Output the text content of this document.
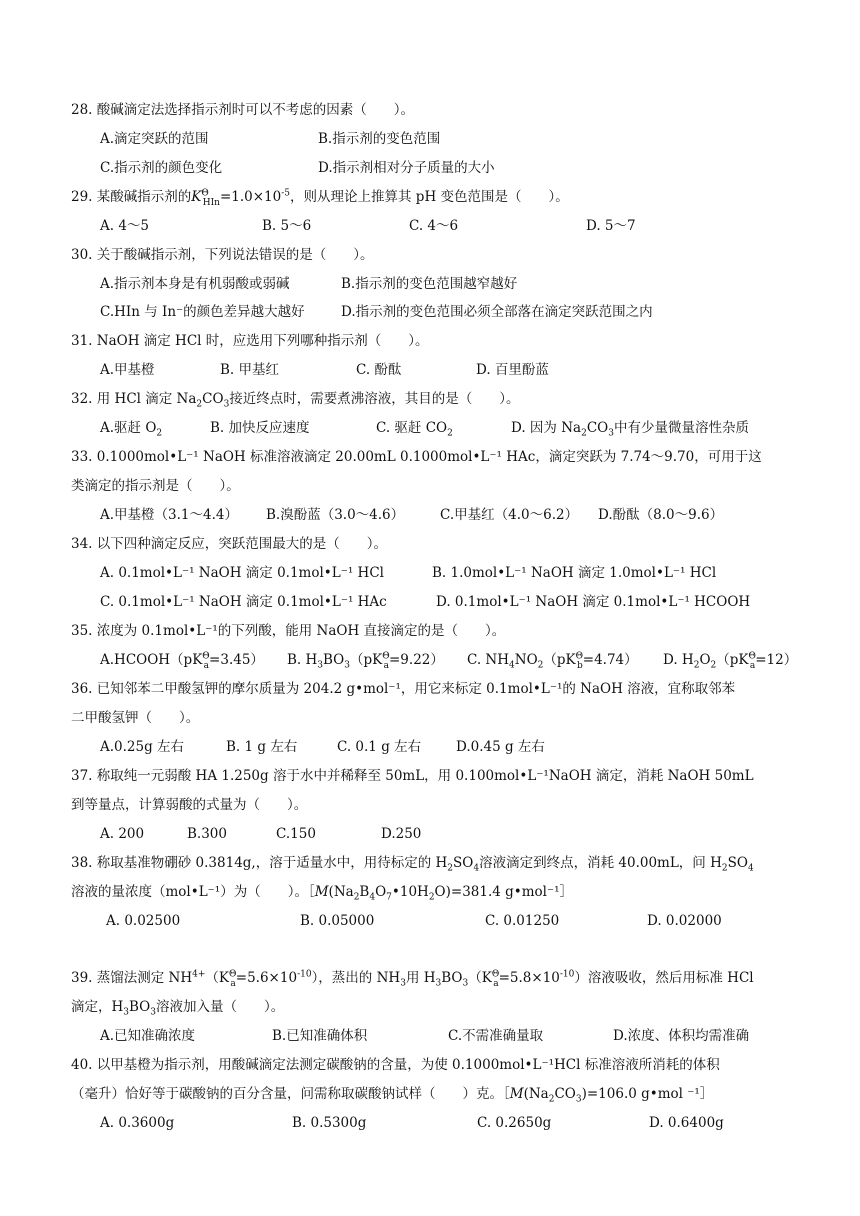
28. 酸碱滴定法选择指示剂时可以不考虑的因素（　　）。
A.滴定突跃的范围	B.指示剂的变色范围
C.指示剂的颜色变化	D.指示剂相对分子质量的大小
29. 某酸碱指示剂的$K^\Theta_{HIn}=1.0\times 10^{-5}$，则从理论上推算其 pH 变色范围是（　　）。
A. 4～5	B. 5～6	C. 4～6	D. 5～7
30. 关于酸碱指示剂，下列说法错误的是（　　）。
A.指示剂本身是有机弱酸或弱碱	B.指示剂的变色范围越窄越好
C.HIn 与 In⁻的颜色差异越大越好	D.指示剂的变色范围必须全部落在滴定突跃范围之内
31. NaOH 滴定 HCl 时，应选用下列哪种指示剂（　　）。
A.甲基橙	B. 甲基红	C. 酚酞	D. 百里酚蓝
32. 用 HCl 滴定 $Na_2CO_3$接近终点时，需要煮沸溶液，其目的是（　　）。
A.驱赶 $O_2$	B. 加快反应速度	C. 驱赶 $CO_2$	D. 因为 $Na_2CO_3$中有少量微量溶性杂质
33. 0.1000mol•L⁻¹ NaOH 标准溶液滴定 20.00mL 0.1000mol•L⁻¹ HAc，滴定突跃为 7.74～9.70，可用于这
类滴定的指示剂是（　　）。
A.甲基橙（3.1～4.4） B.溴酚蓝（3.0～4.6）	C.甲基红（4.0～6.2） D.酚酞（8.0～9.6）
34. 以下四种滴定反应，突跃范围最大的是（　　）。
A. 0.1mol•L⁻¹ NaOH 滴定 0.1mol•L⁻¹ HCl	B. 1.0mol•L⁻¹ NaOH 滴定 1.0mol•L⁻¹ HCl
C. 0.1mol•L⁻¹ NaOH 滴定 0.1mol•L⁻¹ HAc	D. 0.1mol•L⁻¹ NaOH 滴定 0.1mol•L⁻¹ HCOOH
35. 浓度为 0.1mol•L⁻¹的下列酸，能用 NaOH 直接滴定的是（　　）。
$A.HCOOH(pK^\Theta_a=3.45)$ B. $H_3BO_3(pK^\Theta_a=9.22)$ C. $NH_4NO_2(pK^\Theta_b=4.74)$ D. $H_2O_2(pK^\Theta_a=12)$
36. 已知邻苯二甲酸氢钾的摩尔质量为 204.2 g•mol⁻¹，用它来标定 0.1mol•L⁻¹的 NaOH 溶液，宜称取邻苯
二甲酸氢钾（　　）。
A.0.25g 左右	B. 1 g 左右	C. 0.1 g 左右	D.0.45 g 左右
37. 称取纯一元弱酸 HA 1.250g 溶于水中并稀释至 50mL，用 0.100mol•L⁻¹NaOH 滴定，消耗 NaOH 50mL
到等量点，计算弱酸的式量为（　　）。
A. 200	B.300	C.150	D.250
38. 称取基准物硼砂 0.3814g,，溶于适量水中，用待标定的 $H_2SO_4$溶液滴定到终点，消耗 40.00mL，问 $H_2SO_4$
溶液的量浓度（mol•L⁻¹）为（　　）。$[M(Na_2B_4O_7•10H_2O)=381.4$ g•mol⁻¹］
A. 0.02500	B. 0.05000	C. 0.01250	D. 0.02000
39. 蒸馏法测定 $NH^{4+}(K^\Theta_a=5.6\times 10^{-10})$，蒸出的 $NH_3$用 $H_3BO_3(K^\Theta_a=5.8\times 10^{-10})$溶液吸收，然后用标准 HCl
滴定，$H_3BO_3$溶液加入量（　　）。
A.已知准确浓度	B.已知准确体积	C.不需准确量取	D.浓度、体积均需准确
40. 以甲基橙为指示剂，用酸碱滴定法测定碳酸钠的含量，为使 0.1000mol•L⁻¹HCl 标准溶液所消耗的体积
（毫升）恰好等于碳酸钠的百分含量，问需称取碳酸钠试样（　　）克。$[M(Na_2CO_3)=106.0$ g•mol ⁻¹］
A. 0.3600g	B. 0.5300g	C. 0.2650g	D. 0.6400g
